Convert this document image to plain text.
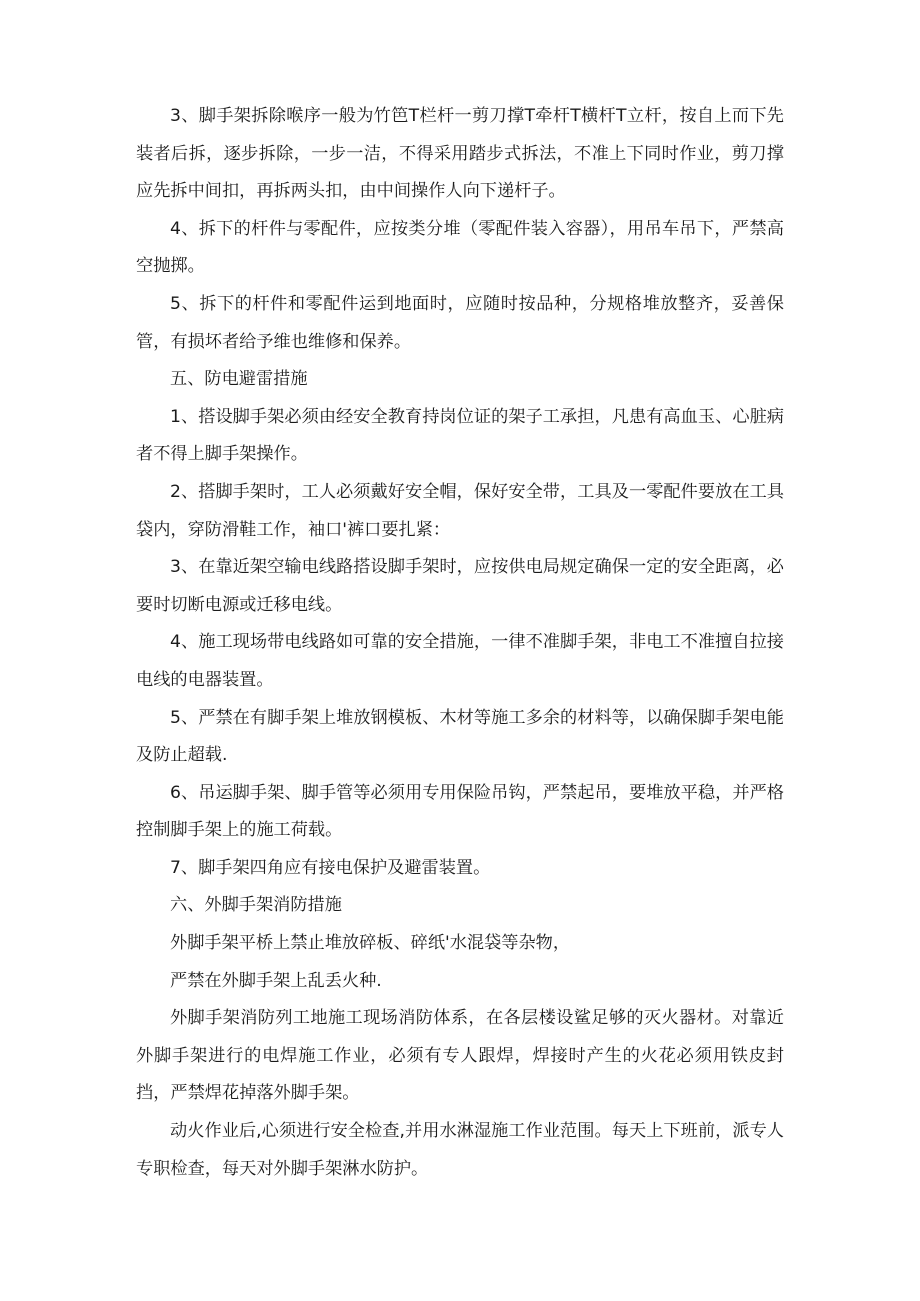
3、脚手架拆除喉序一般为竹笆T栏杆一剪刀撑T牵杆T横杆T立杆，按自上而下先装者后拆，逐步拆除，一步一洁，不得采用踏步式拆法，不准上下同时作业，剪刀撑应先拆中间扣，再拆两头扣，由中间操作人向下递杆子。

4、拆下的杆件与零配件，应按类分堆（零配件装入容器），用吊车吊下，严禁高空抛掷。

5、拆下的杆件和零配件运到地面时，应随时按品种，分规格堆放整齐，妥善保管，有损坏者给予维也维修和保养。

五、防电避雷措施

1、搭设脚手架必须由经安全教育持岗位证的架子工承担，凡患有高血玉、心脏病者不得上脚手架操作。

2、搭脚手架时，工人必须戴好安全帽，保好安全带，工具及一零配件要放在工具袋内，穿防滑鞋工作，袖口'裤口要扎紧：

3、在靠近架空输电线路搭设脚手架时，应按供电局规定确保一定的安全距离，必要时切断电源或迁移电线。

4、施工现场带电线路如可靠的安全措施，一律不准脚手架，非电工不准擅自拉接电线的电器装置。

5、严禁在有脚手架上堆放钢模板、木材等施工多余的材料等，以确保脚手架电能及防止超载.

6、吊运脚手架、脚手管等必须用专用保险吊钩，严禁起吊，要堆放平稳，并严格控制脚手架上的施工荷载。

7、脚手架四角应有接电保护及避雷装置。

六、外脚手架消防措施

外脚手架平桥上禁止堆放碎板、碎纸'水混袋等杂物，

严禁在外脚手架上乱丢火种.

外脚手架消防列工地施工现场消防体系，在各层楼设鲨足够的灭火器材。对靠近外脚手架进行的电焊施工作业，必须有专人跟焊，焊接时产生的火花必须用铁皮封挡，严禁焊花掉落外脚手架。

动火作业后,心须进行安全检查,并用水淋湿施工作业范围。每天上下班前，派专人专职检查，每天对外脚手架淋水防护。
